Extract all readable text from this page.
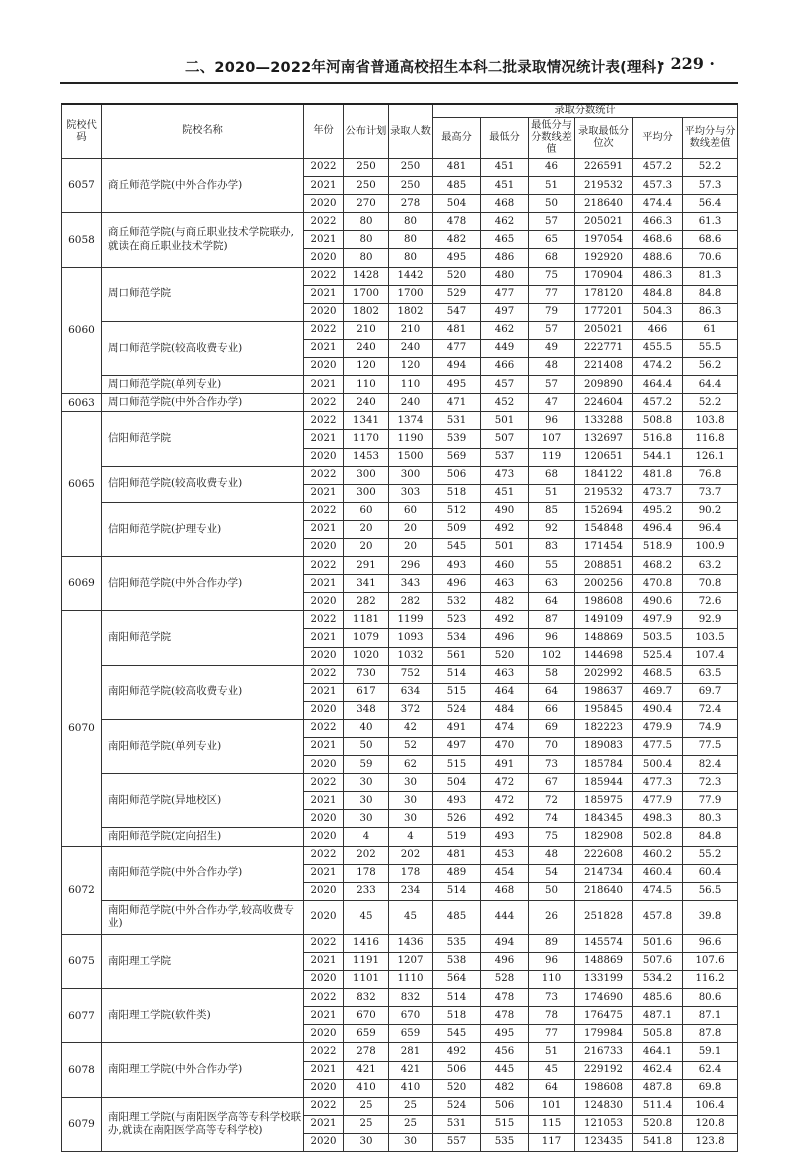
二、2020—2022年河南省普通高校招生本科二批录取情况统计表(理科)
· 229 ·
院校代码	院校名称	年份	公布计划	录取人数	录取分数统计					
					最高分	最低分	最低分与分数线差值	录取最低分位次	平均分	平均分与分数线差值
6057	商丘师范学院(中外合作办学)	2022	250	250	481	451	46	226591	457.2	52.2
		2021	250	250	485	451	51	219532	457.3	57.3
		2020	270	278	504	468	50	218640	474.4	56.4
6058	商丘师范学院(与商丘职业技术学院联办,就读在商丘职业技术学院)	2022	80	80	478	462	57	205021	466.3	61.3
		2021	80	80	482	465	65	197054	468.6	68.6
		2020	80	80	495	486	68	192920	488.6	70.6
6060	周口师范学院	2022	1428	1442	520	480	75	170904	486.3	81.3
		2021	1700	1700	529	477	77	178120	484.8	84.8
		2020	1802	1802	547	497	79	177201	504.3	86.3
	周口师范学院(较高收费专业)	2022	210	210	481	462	57	205021	466	61
		2021	240	240	477	449	49	222771	455.5	55.5
		2020	120	120	494	466	48	221408	474.2	56.2
	周口师范学院(单列专业)	2021	110	110	495	457	57	209890	464.4	64.4
6063	周口师范学院(中外合作办学)	2022	240	240	471	452	47	224604	457.2	52.2
6065	信阳师范学院	2022	1341	1374	531	501	96	133288	508.8	103.8
		2021	1170	1190	539	507	107	132697	516.8	116.8
		2020	1453	1500	569	537	119	120651	544.1	126.1
	信阳师范学院(较高收费专业)	2022	300	300	506	473	68	184122	481.8	76.8
		2021	300	303	518	451	51	219532	473.7	73.7
	信阳师范学院(护理专业)	2022	60	60	512	490	85	152694	495.2	90.2
		2021	20	20	509	492	92	154848	496.4	96.4
		2020	20	20	545	501	83	171454	518.9	100.9
6069	信阳师范学院(中外合作办学)	2022	291	296	493	460	55	208851	468.2	63.2
		2021	341	343	496	463	63	200256	470.8	70.8
		2020	282	282	532	482	64	198608	490.6	72.6
6070	南阳师范学院	2022	1181	1199	523	492	87	149109	497.9	92.9
		2021	1079	1093	534	496	96	148869	503.5	103.5
		2020	1020	1032	561	520	102	144698	525.4	107.4
	南阳师范学院(较高收费专业)	2022	730	752	514	463	58	202992	468.5	63.5
		2021	617	634	515	464	64	198637	469.7	69.7
		2020	348	372	524	484	66	195845	490.4	72.4
	南阳师范学院(单列专业)	2022	40	42	491	474	69	182223	479.9	74.9
		2021	50	52	497	470	70	189083	477.5	77.5
		2020	59	62	515	491	73	185784	500.4	82.4
	南阳师范学院(异地校区)	2022	30	30	504	472	67	185944	477.3	72.3
		2021	30	30	493	472	72	185975	477.9	77.9
		2020	30	30	526	492	74	184345	498.3	80.3
	南阳师范学院(定向招生)	2020	4	4	519	493	75	182908	502.8	84.8
6072	南阳师范学院(中外合作办学)	2022	202	202	481	453	48	222608	460.2	55.2
		2021	178	178	489	454	54	214734	460.4	60.4
		2020	233	234	514	468	50	218640	474.5	56.5
	南阳师范学院(中外合作办学,较高收费专业)	2020	45	45	485	444	26	251828	457.8	39.8
6075	南阳理工学院	2022	1416	1436	535	494	89	145574	501.6	96.6
		2021	1191	1207	538	496	96	148869	507.6	107.6
		2020	1101	1110	564	528	110	133199	534.2	116.2
6077	南阳理工学院(软件类)	2022	832	832	514	478	73	174690	485.6	80.6
		2021	670	670	518	478	78	176475	487.1	87.1
		2020	659	659	545	495	77	179984	505.8	87.8
6078	南阳理工学院(中外合作办学)	2022	278	281	492	456	51	216733	464.1	59.1
		2021	421	421	506	445	45	229192	462.4	62.4
		2020	410	410	520	482	64	198608	487.8	69.8
6079	南阳理工学院(与南阳医学高等专科学校联办,就读在南阳医学高等专科学校)	2022	25	25	524	506	101	124830	511.4	106.4
		2021	25	25	531	515	115	121053	520.8	120.8
		2020	30	30	557	535	117	123435	541.8	123.8
